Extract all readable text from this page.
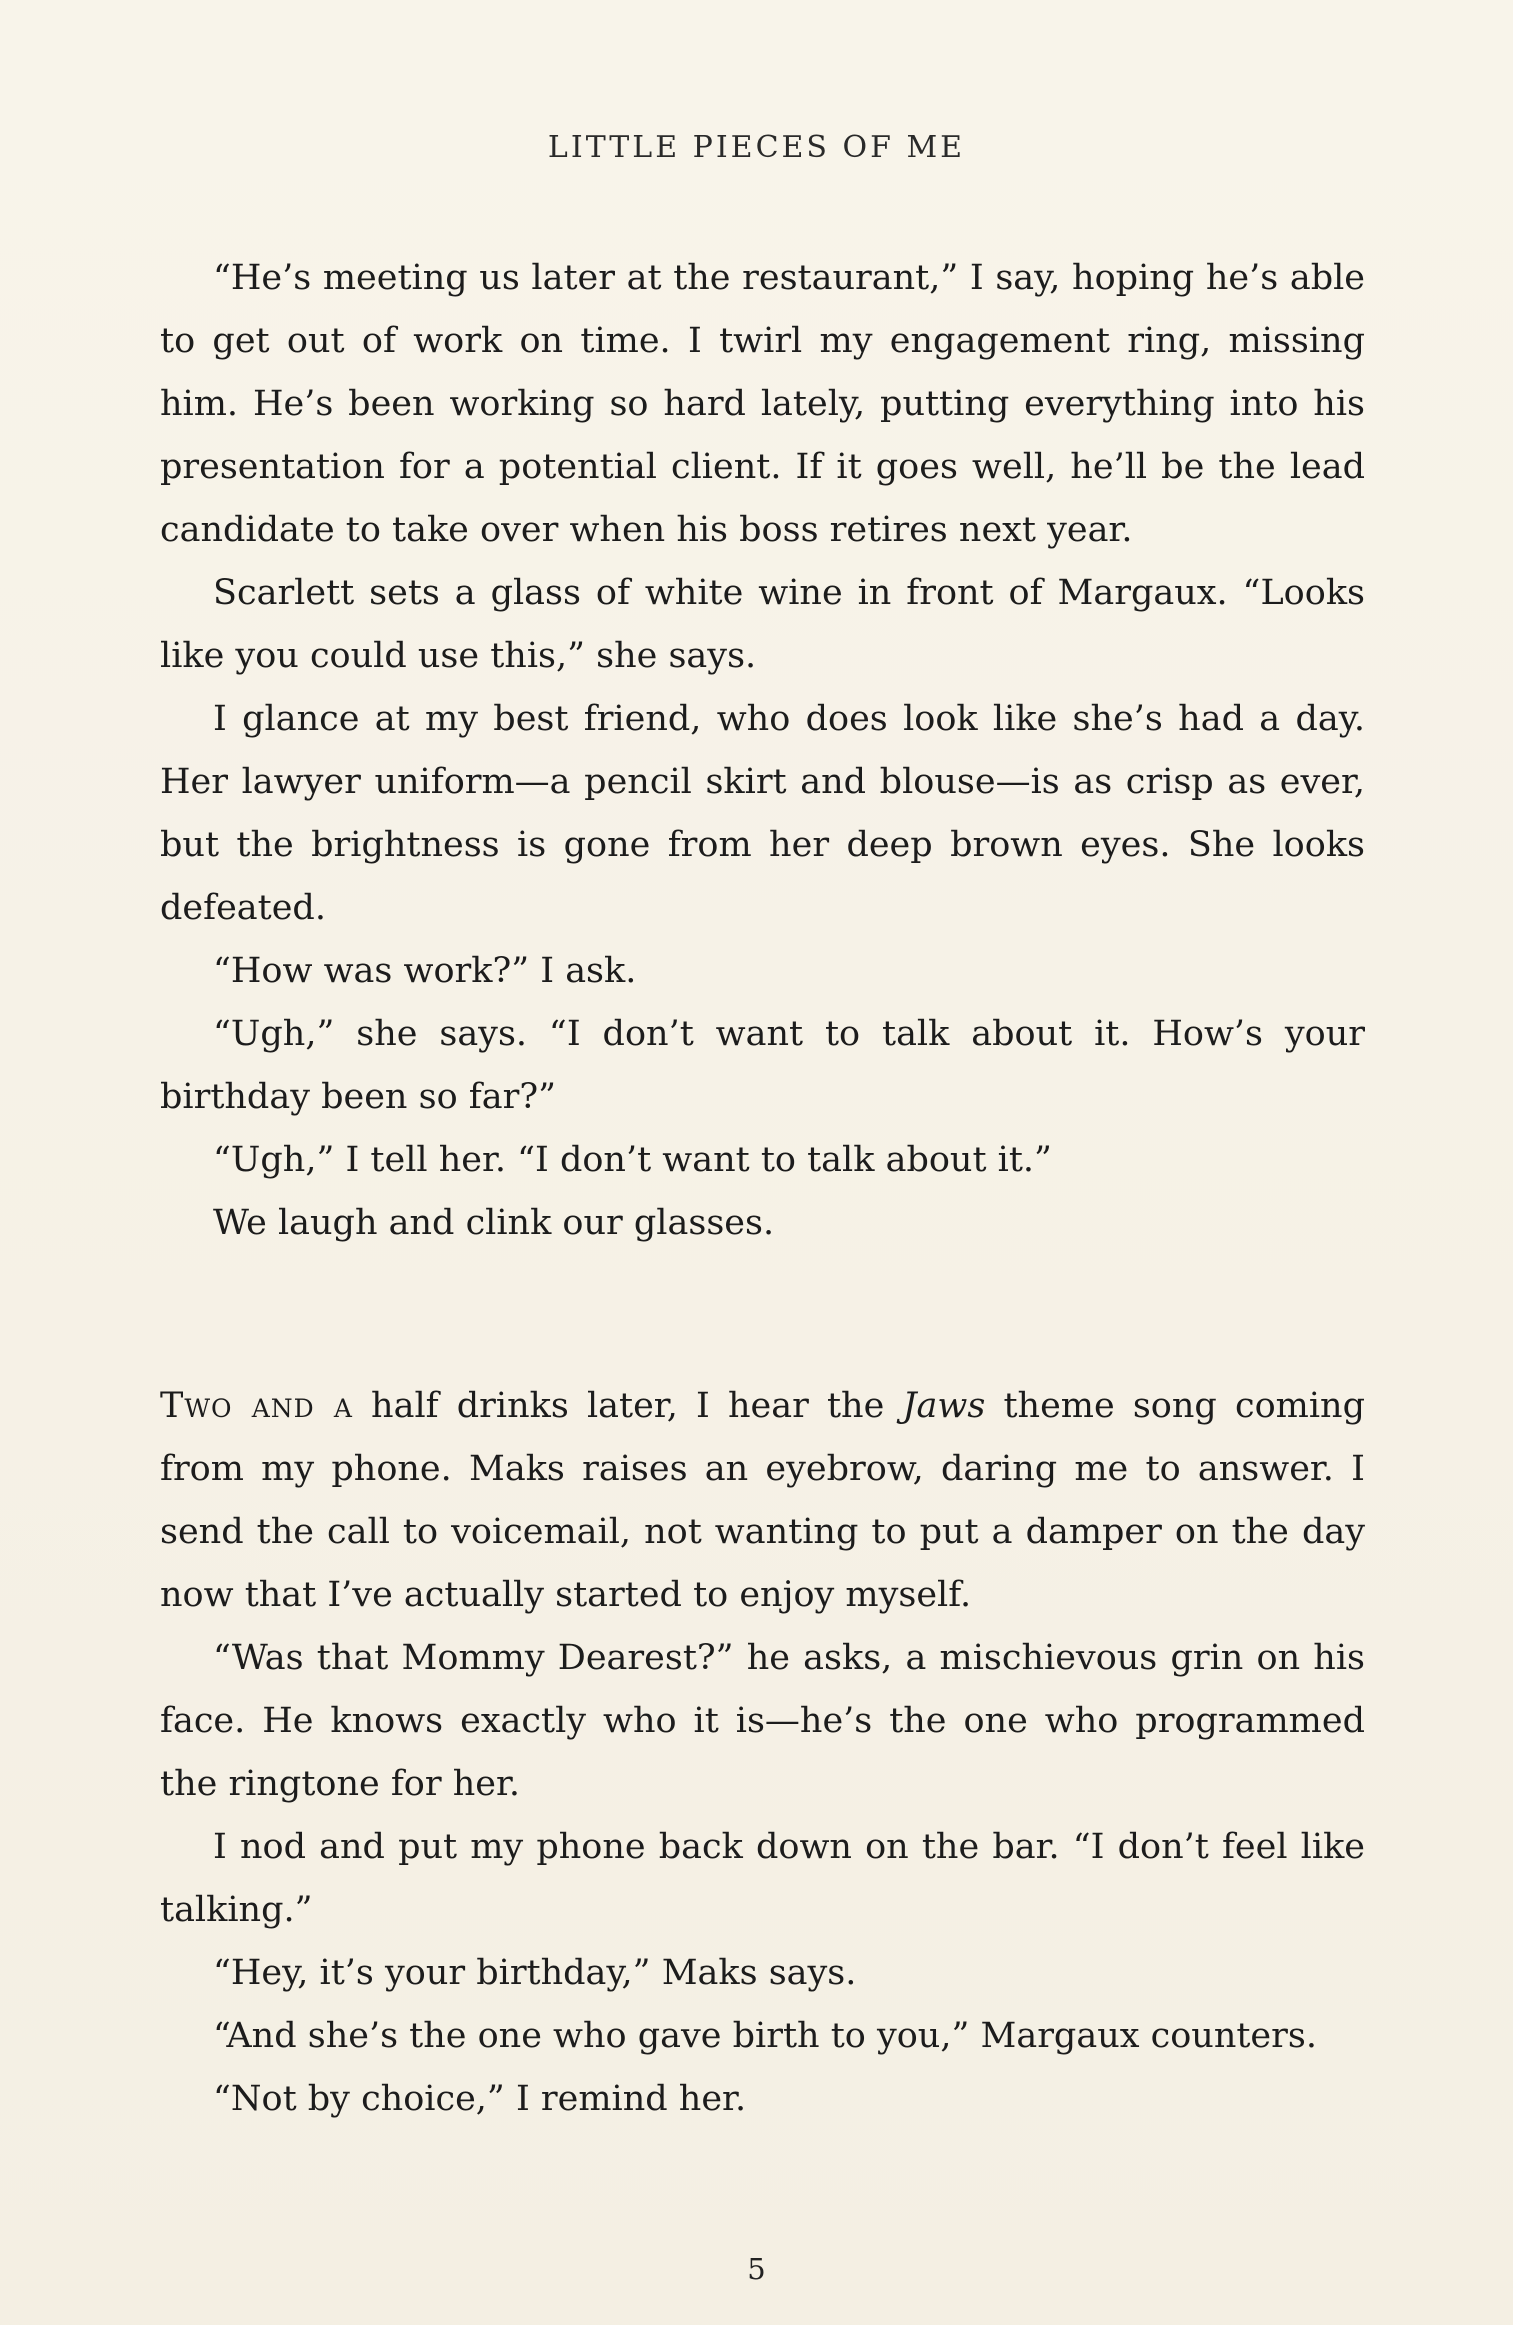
LITTLE PIECES OF ME

“He’s meeting us later at the restaurant,” I say, hoping he’s able to get out of work on time. I twirl my engagement ring, missing him. He’s been working so hard lately, putting everything into his presentation for a potential client. If it goes well, he’ll be the lead candidate to take over when his boss retires next year.

Scarlett sets a glass of white wine in front of Margaux. “Looks like you could use this,” she says.

I glance at my best friend, who does look like she’s had a day. Her lawyer uniform—a pencil skirt and blouse—is as crisp as ever, but the brightness is gone from her deep brown eyes. She looks defeated.

“How was work?” I ask.

“Ugh,” she says. “I don’t want to talk about it. How’s your birthday been so far?”

“Ugh,” I tell her. “I don’t want to talk about it.”

We laugh and clink our glasses.

Two and a half drinks later, I hear the Jaws theme song coming from my phone. Maks raises an eyebrow, daring me to answer. I send the call to voicemail, not wanting to put a damper on the day now that I’ve actually started to enjoy myself.

“Was that Mommy Dearest?” he asks, a mischievous grin on his face. He knows exactly who it is—he’s the one who programmed the ringtone for her.

I nod and put my phone back down on the bar. “I don’t feel like talking.”

“Hey, it’s your birthday,” Maks says.

“And she’s the one who gave birth to you,” Margaux counters.

“Not by choice,” I remind her.

5
